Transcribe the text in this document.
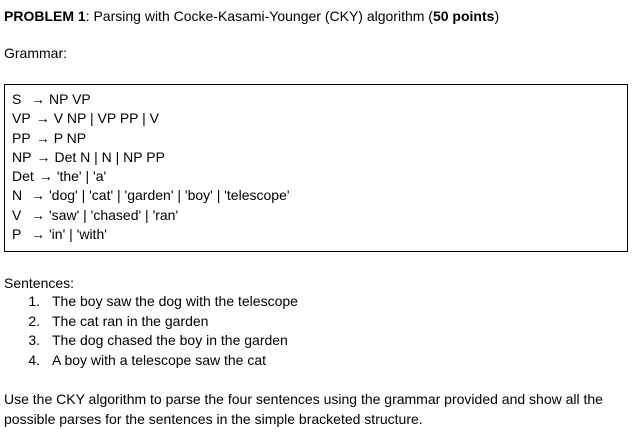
PROBLEM 1: Parsing with Cocke-Kasami-Younger (CKY) algorithm (50 points)
Grammar:
S → NP VP
VP → V NP | VP PP | V
PP → P NP
NP → Det N | N | NP PP
Det → 'the' | 'a'
N → 'dog' | 'cat' | 'garden' | 'boy' | 'telescope'
V → 'saw' | 'chased' | 'ran'
P → 'in' | 'with'
Sentences:
1. The boy saw the dog with the telescope
2. The cat ran in the garden
3. The dog chased the boy in the garden
4. A boy with a telescope saw the cat
Use the CKY algorithm to parse the four sentences using the grammar provided and show all the possible parses for the sentences in the simple bracketed structure.
